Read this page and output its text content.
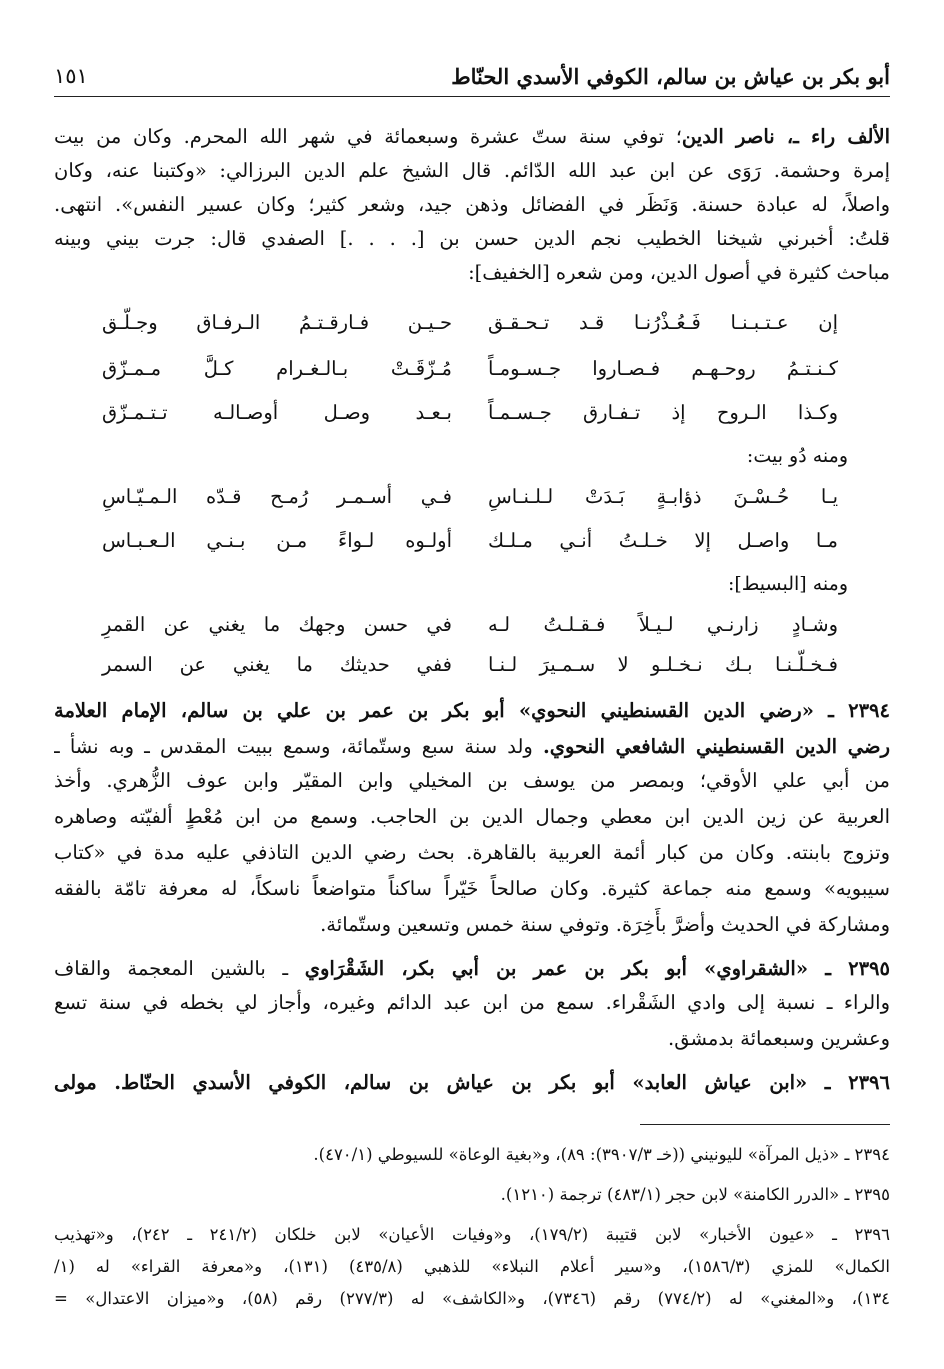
أبو بكر بن عياش بن سالم، الكوفي الأسدي الحنّاط
١٥١
الألف راء ـ، ناصر الدين؛ توفي سنة ستّ عشرة وسبعمائة في شهر الله المحرم. وكان من بيت
إمرة وحشمة. رَوَى عن ابن عبد الله الدّائم. قال الشيخ علم الدين البرزالي: «وكتبنا عنه، وكان
واصلاً، له عبادة حسنة. وَنَظَر في الفضائل وذهن جيد، وشعر كثير؛ وكان عسير النفس». انتهى.
قلتُ: أخبرني شيخنا الخطيب نجم الدين حسن بن [. . . .] الصفدي قال: جرت بيني وبينه
مباحث كثيرة في أصول الدين، ومن شعره [الخفيف]:
إن عـتـبـنـا فَـعُـذْرُنـا قـد تـحـقـق
حـيـن فـارقـتـمُ الـرفـاق وجـلّـق
كـنـتـمُ روحـهـم فـصـاروا جـسـومـاً
مُـزّقَـتْ بـالـغـرام كـلَّ مـمـزّق
وكـذا الـروح إذ تـفـارق جـسـمـاً
بـعـد وصـل أوصـالـه تـتـمـزّق
ومنه دُو بيت:
يـا حُـسْـنَ ذؤابـةٍ بَـدَتْ لـلـنـاسِ
فـي أسـمـر رُمـح قـدّه الـمـيّـاسِ
مـا واصـل إلا خـلـتُ أنـي مـلـك
أولـوه لـواءً مـن بـنـي الـعـبـاس
ومنه [البسيط]:
وشـادٍ زارنـي لـيـلاً فـقـلـتُ لـه
في حسن وجهك ما يغني عن القمرِ
فـخـلّـنـا بـك نـخـلـو لا سـمـيرَ لـنـا
ففي حديثك ما يغني عن السمر
٢٣٩٤ ـ «رضي الدين القسنطيني النحوي» أبو بكر بن عمر بن علي بن سالم، الإمام العلامة
رضي الدين القسنطيني الشافعي النحوي. ولد سنة سبع وستّمائة، وسمع ببيت المقدس ـ وبه نشأ ـ
من أبي علي الأوقي؛ وبمصر من يوسف بن المخيلي وابن المقيّر وابن عوف الزُّهري. وأخذ
العربية عن زين الدين ابن معطي وجمال الدين بن الحاجب. وسمع من ابن مُعْطٍ ألفيّته وصاهره
وتزوج بابنته. وكان من كبار أئمة العربية بالقاهرة. بحث رضي الدين التاذفي عليه مدة في «كتاب
سيبويه» وسمع منه جماعة كثيرة. وكان صالحاً خَيّراً ساكناً متواضعاً ناسكاً، له معرفة تامّة بالفقه
ومشاركة في الحديث وأضرَّ بأَخِرَة. وتوفي سنة خمس وتسعين وستّمائة.
٢٣٩٥ ـ «الشقراوي» أبو بكر بن عمر بن أبي بكر، الشَقْرَاوي ـ بالشين المعجمة والقاف
والراء ـ نسبة إلى وادي الشَقْراء. سمع من ابن عبد الدائم وغيره، وأجاز لي بخطه في سنة تسع
وعشرين وسبعمائة بدمشق.
٢٣٩٦ ـ «ابن عياش العابد» أبو بكر بن عياش بن سالم، الكوفي الأسدي الحنّاط. مولى
٢٣٩٤ ـ «ذيل المرآة» لليونيني ((خـ ٣٩٠٧/٣): ٨٩)، و«بغية الوعاة» للسيوطي (٤٧٠/١).
٢٣٩٥ ـ «الدرر الكامنة» لابن حجر (٤٨٣/١) ترجمة (١٢١٠).
٢٣٩٦ ـ «عيون الأخبار» لابن قتيبة (١٧٩/٢)، و«وفيات الأعيان» لابن خلكان (٢٤١/٢ ـ ٢٤٢)، و«تهذيب
الكمال» للمزي (١٥٨٦/٣)، و«سير أعلام النبلاء» للذهبي (٤٣٥/٨) (١٣١)، و«معرفة القراء» له (١/
١٣٤)، و«المغني» له (٧٧٤/٢) رقم (٧٣٤٦)، و«الكاشف» له (٢٧٧/٣) رقم (٥٨)، و«ميزان الاعتدال» =
